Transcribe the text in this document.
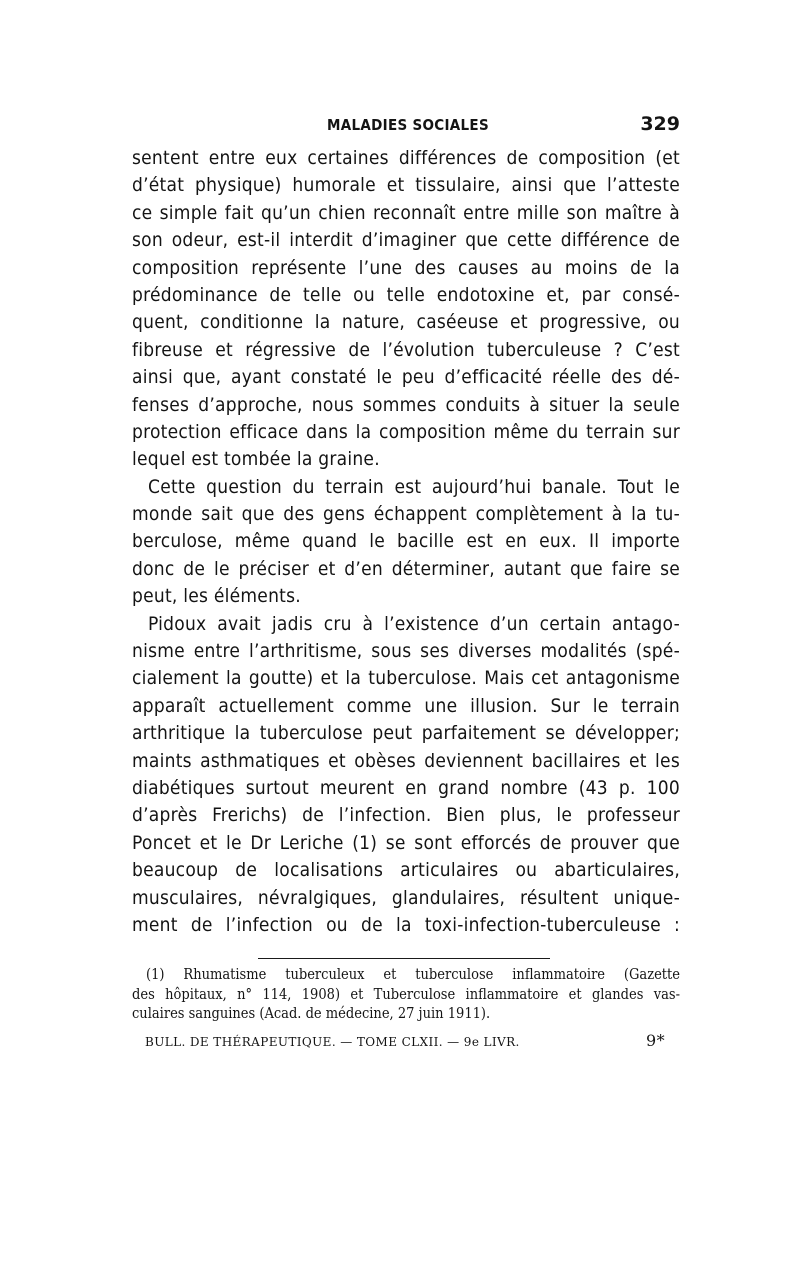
MALADIES SOCIALES	329
sentent entre eux certaines différences de composition (et
d’état physique) humorale et tissulaire, ainsi que l’atteste
ce simple fait qu’un chien reconnaît entre mille son maître à
son odeur, est-il interdit d’imaginer que cette différence de
composition représente l’une des causes au moins de la
prédominance de telle ou telle endotoxine et, par consé-
quent, conditionne la nature, caséeuse et progressive, ou
fibreuse et régressive de l’évolution tuberculeuse ? C’est
ainsi que, ayant constaté le peu d’efficacité réelle des dé-
fenses d’approche, nous sommes conduits à situer la seule
protection efficace dans la composition même du terrain sur
lequel est tombée la graine.
Cette question du terrain est aujourd’hui banale. Tout le
monde sait que des gens échappent complètement à la tu-
berculose, même quand le bacille est en eux. Il importe
donc de le préciser et d’en déterminer, autant que faire se
peut, les éléments.
Pidoux avait jadis cru à l’existence d’un certain antago-
nisme entre l’arthritisme, sous ses diverses modalités (spé-
cialement la goutte) et la tuberculose. Mais cet antagonisme
apparaît actuellement comme une illusion. Sur le terrain
arthritique la tuberculose peut parfaitement se développer;
maints asthmatiques et obèses deviennent bacillaires et les
diabétiques surtout meurent en grand nombre (43 p. 100
d’après Frerichs) de l’infection. Bien plus, le professeur
Poncet et le Dr Leriche (1) se sont efforcés de prouver que
beaucoup de localisations articulaires ou abarticulaires,
musculaires, névralgiques, glandulaires, résultent unique-
ment de l’infection ou de la toxi-infection-tuberculeuse :
(1) Rhumatisme tuberculeux et tuberculose inflammatoire (Gazette
des hôpitaux, n° 114, 1908) et Tuberculose inflammatoire et glandes vas-
culaires sanguines (Acad. de médecine, 27 juin 1911).
BULL. DE THÉRAPEUTIQUE. — TOME CLXII. — 9e LIVR.	9*
